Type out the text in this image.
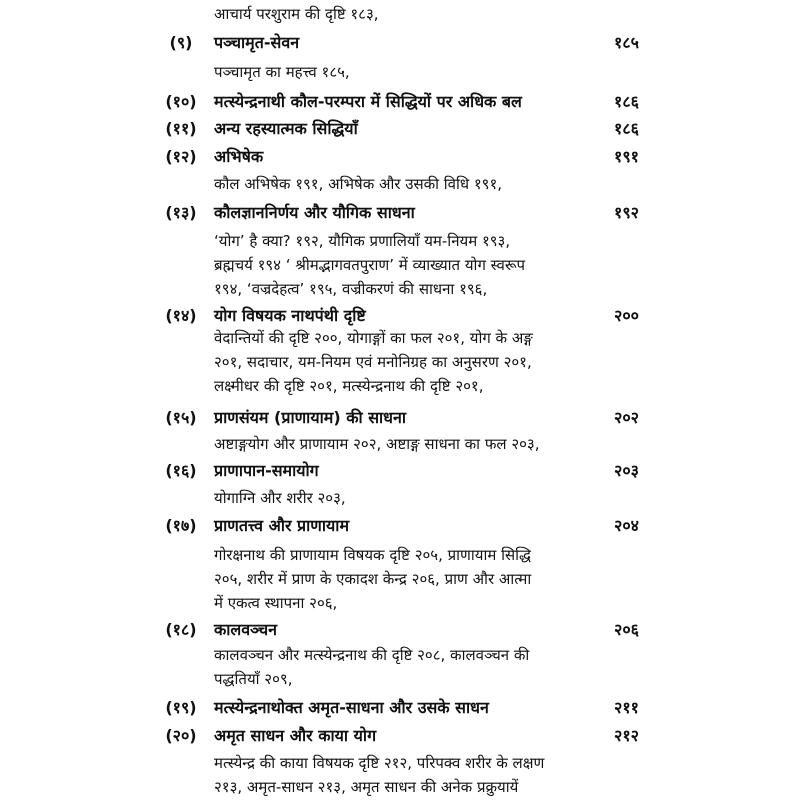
आचार्य परशुराम की दृष्टि १८३,
(९)	पञ्चामृत-सेवन	१८५
पञ्चामृत का महत्त्व १८५,
(१०)	मत्स्येन्द्रनाथी कौल-परम्परा में सिद्धियों पर अधिक बल	१८६
(११)	अन्य रहस्यात्मक सिद्धियाँ	१८६
(१२)	अभिषेक	१९१
कौल अभिषेक १९१, अभिषेक और उसकी विधि १९१,
(१३)	कौलज्ञाननिर्णय और यौगिक साधना	१९२
‘योग’ है क्या? १९२, यौगिक प्रणालियाँ यम-नियम १९३,
ब्रह्मचर्य १९४ ‘ श्रीमद्भागवतपुराण’ में व्याख्यात योग स्वरूप
१९४, ‘वज्रदेहत्व’ १९५, वज्रीकरणं की साधना १९६,
(१४)	योग विषयक नाथपंथी दृष्टि	२००
वेदान्तियों की दृष्टि २००, योगाङ्गों का फल २०१, योग के अङ्ग
२०१, सदाचार, यम-नियम एवं मनोनिग्रह का अनुसरण २०१,
लक्ष्मीधर की दृष्टि २०१, मत्स्येन्द्रनाथ की दृष्टि २०१,
(१५)	प्राणसंयम (प्राणायाम) की साधना	२०२
अष्टाङ्गयोग और प्राणायाम २०२, अष्टाङ्ग साधना का फल २०३,
(१६)	प्राणापान-समायोग	२०३
योगाग्नि और शरीर २०३,
(१७)	प्राणतत्त्व और प्राणायाम	२०४
गोरक्षनाथ की प्राणायाम विषयक दृष्टि २०५, प्राणायाम सिद्धि
२०५, शरीर में प्राण के एकादश केन्द्र २०६, प्राण और आत्मा
में एकत्व स्थापना २०६,
(१८)	कालवञ्चन	२०६
कालवञ्चन और मत्स्येन्द्रनाथ की दृष्टि २०८, कालवञ्चन की
पद्धतियाँ २०९,
(१९)	मत्स्येन्द्रनाथोक्त अमृत-साधना और उसके साधन	२११
(२०)	अमृत साधन और काया योग	२१२
मत्स्येन्द्र की काया विषयक दृष्टि २१२, परिपक्व शरीर के लक्षण
२१३, अमृत-साधन २१३, अमृत साधन की अनेक प्रक्रुयायें
